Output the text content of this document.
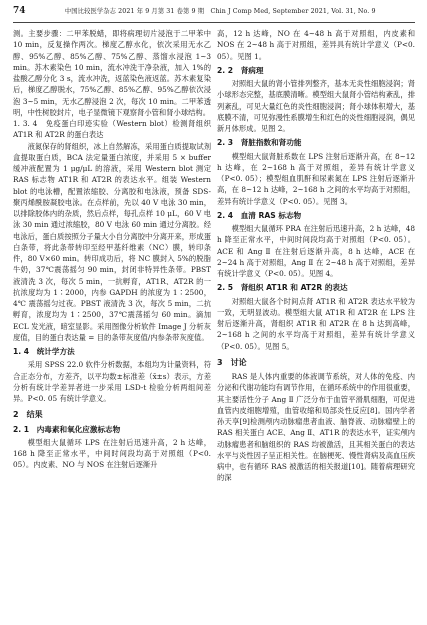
74	中国比较医学杂志 2021 年 9 月第 31 卷第 9 期　Chin J Comp Med, September 2021, Vol. 31, No. 9

测。主要步骤：二甲苯脱蜡，即将病理切片浸泡于二甲苯中 10 min，反复操作两次。梯度乙醇水化，依次采用无水乙醇、95%乙醇、85%乙醇、75%乙醇、蒸馏水浸泡 1~3 min。苏木素染色 10 min，流水冲洗干净杂液，加入 1%的盐酸乙醇分化 3 s，流水冲洗，返蓝染色液返蓝。苏木素复染后，梯度乙醇脱水，75%乙醇、85%乙醇、95%乙醇依次浸泡 3~5 min，无水乙醇浸泡 2 次，每次 10 min。二甲苯透明，中性树胶封片，电子显微镜下观察肾小管和肾小球结构。

1. 3. 4　免疫蛋白印迹实验（Western blot）检测肾组织 AT1R 和 AT2R 的蛋白表达

液氮保存的肾组织，冰上自然解冻，采用蛋白质提取试剂盒提取蛋白质，BCA 法定量蛋白浓度，并采用 5 × buffer 缓冲液配置为 1 μg/μL 的溶液，采用 Western blot 测定 RAS 标志物 AT1R 和 AT2R 的表达水平。组装 Western blot 的电泳槽，配置浓缩胶、分离胶和电泳液，预备 SDS-聚丙烯酰胺凝胶电泳。在点样前，先以 40 V 电泳 30 min，以排除胶体内的杂质，然后点样，每孔点样 10 μL，60 V 电泳 30 min 通过浓缩胶，80 V 电泳 60 min 通过分离胶。经电泳后，蛋白质按照分子量大小自分离胶中分离开来，形成蛋白条带，将此条带转印至经甲基纤维素（NC）膜，转印条件，80 V×60 min。转印成功后，将 NC 膜封入 5%的脱脂牛奶，37℃震荡摇匀 90 min，封闭非特异性条带。PBST 液清洗 3 次，每次 5 min，一抗孵育，AT1R、AT2R 的一抗浓度均为 1∶2000，内参 GAPDH 的浓度为 1∶2500，4℃ 震荡摇匀过夜。PBST 液清洗 3 次，每次 5 min，二抗孵育，浓度均为 1∶2500，37℃震荡摇匀 60 min。滴加 ECL 发光液，暗室显影。采用图像分析软件 Image J 分析灰度值，目的蛋白表达量 = 目的条带灰度值/内参条带灰度值。

1. 4　统计学方法

采用 SPSS 22.0 软件分析数据，本组均为计量资料，符合正态分布，方差齐，以平均数±标准差（x̄±s）表示，方差分析有统计学差异者进一步采用 LSD-t 检验分析两组间差异。P<0. 05 有统计学意义。

2　结果
2. 1　内毒素和氧化应激标志物

模型组大鼠循环 LPS 在注射后迅速升高，2 h 达峰，168 h 降至正常水平，中间时间段均高于对照组（P<0. 05）。内皮素、NO 与 NOS 在注射后逐渐升

高，12 h 达峰，NO 在 4~48 h 高于对照组，内皮素和 NOS 在 2~48 h 高于对照组，差异具有统计学意义（P<0. 05）。见图 1。

2. 2　肾病理

对照组大鼠的肾小管排列整齐，基本无炎性细胞浸润；肾小球形态完整，基底膜清晰。模型组大鼠肾小管结构紊乱，排列紊乱，可见大量红色的炎性细胞浸润；肾小球体积增大，基底膜不清，可见弥漫性系膜增生和红色的炎性细胞浸润，偶见新月体形成。见图 2。

2. 3　肾脏指数和肾功能

模型组大鼠肾脏系数在 LPS 注射后逐渐升高，在 8~12 h 达峰，在 2~168 h 高于对照组，差异有统计学意义（P<0. 05）；模型组血肌酐和尿素氮在 LPS 注射后逐渐升高，在 8~12 h 达峰，2~168 h 之间的水平均高于对照组，差异有统计学意义（P<0. 05）。见图 3。

2. 4　血清 RAS 标志物

模型组大鼠循环 PRA 在注射后迅速升高，2 h 达峰，48 h 降至正常水平，中间时间段均高于对照组（P<0. 05）。ACE 和 Ang Ⅱ 在注射后逐渐升高，8 h 达峰，ACE 在 2~24 h 高于对照组，Ang Ⅱ 在 2~48 h 高于对照组，差异有统计学意义（P<0. 05）。见图 4。

2. 5　肾组织 AT1R 和 AT2R 的表达

对照组大鼠各个时间点肾 AT1R 和 AT2R 表达水平较为一致，无明显波动。模型组大鼠 AT1R 和 AT2R 在 LPS 注射后逐渐升高，肾组织 AT1R 和 AT2R 在 8 h 达到高峰，2~168 h 之间的水平均高于对照组，差异有统计学意义（P<0. 05）。见图 5。

3　讨论

RAS 是人体内重要的体液调节系统，对人体的免疫、内分泌和代谢功能均有调节作用，在循环系统中的作用很重要，其主要活性分子 Ang Ⅱ 广泛分布于血管平滑肌细胞，可促进血管内皮细胞增殖，血管收缩和局部炎性反应[8]。国内学者孙天享[9]检测颅内动脉瘤患者血液、脑脊液、动脉瘤壁上的 RAS 相关蛋白 ACE、Ang Ⅱ、AT1R 的表达水平，证实颅内动脉瘤患者和脑组织的 RAS 均被激活，且其相关蛋白的表达水平与炎性因子呈正相关性。在脑梗死、慢性肾病及高血压疾病中，也有循环 RAS 被激活的相关报道[10]。随着病理研究的深
